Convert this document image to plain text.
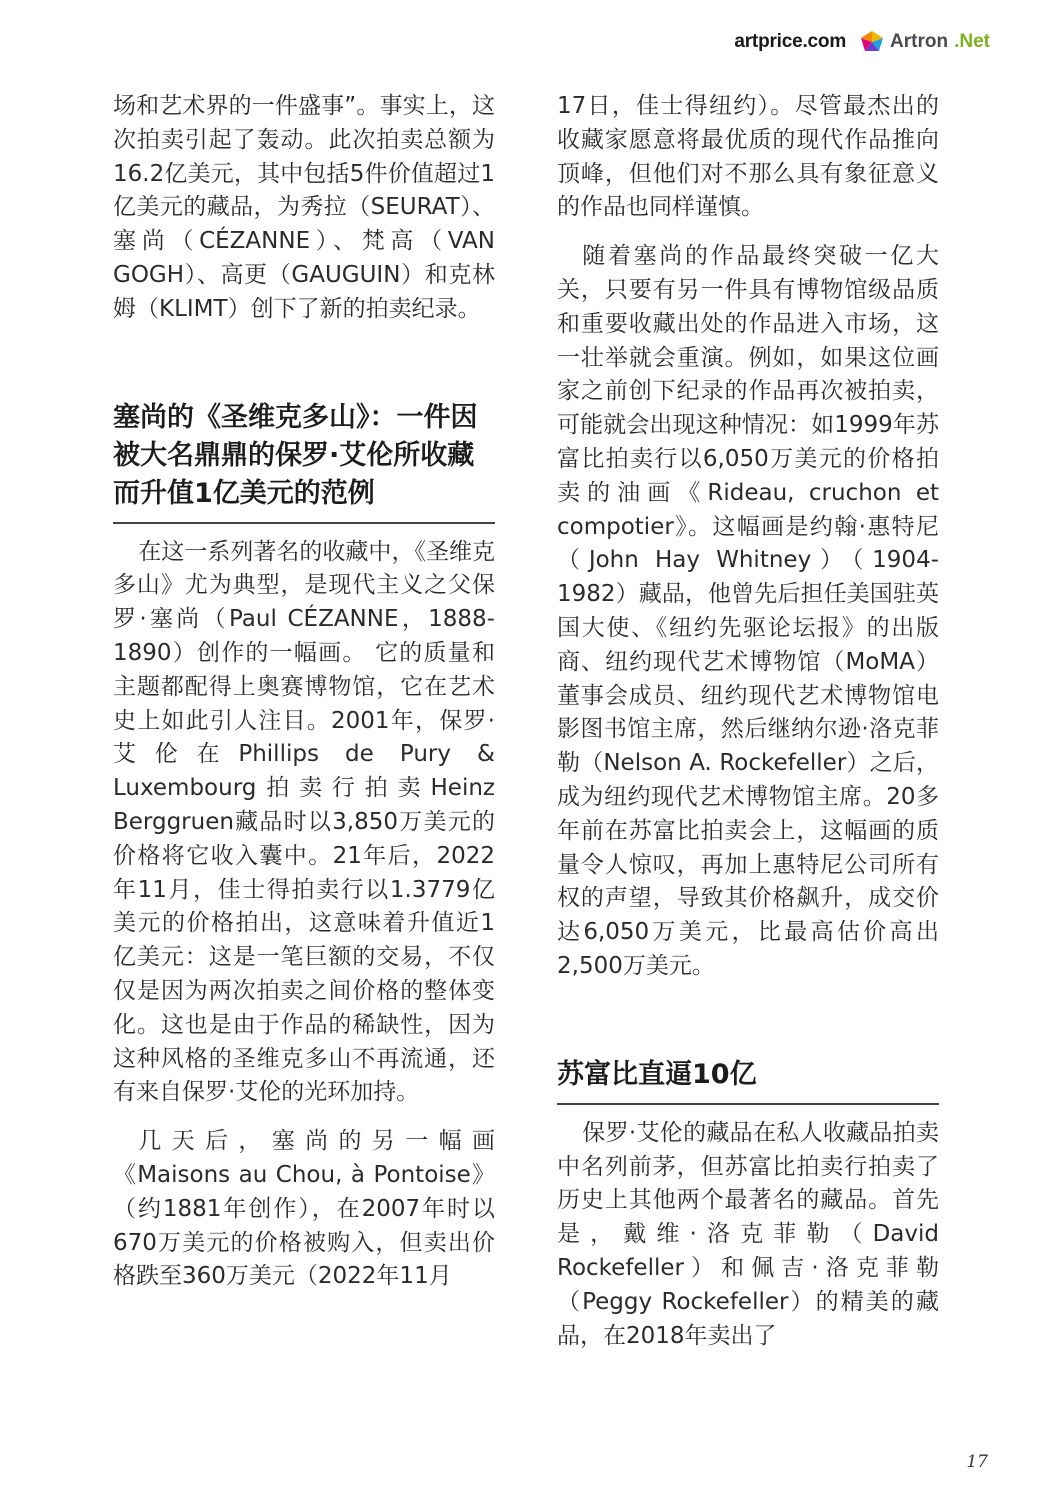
artprice.com Artron .Net

场和艺术界的一件盛事”。事实上，这次拍卖引起了轰动。此次拍卖总额为16.2亿美元，其中包括5件价值超过1亿美元的藏品，为秀拉（SEURAT）、塞尚（CÉZANNE）、梵高（VAN GOGH）、高更（GAUGUIN）和克林姆（KLIMT）创下了新的拍卖纪录。

塞尚的《圣维克多山》：一件因被大名鼎鼎的保罗·艾伦所收藏而升值1亿美元的范例

在这一系列著名的收藏中，《圣维克多山》尤为典型，是现代主义之父保罗·塞尚（Paul CÉZANNE，1888-1890）创作的一幅画。 它的质量和主题都配得上奥赛博物馆，它在艺术史上如此引人注目。2001年，保罗·艾伦在Phillips de Pury & Luxembourg拍卖行拍卖Heinz Berggruen藏品时以3,850万美元的价格将它收入囊中。21年后，2022年11月，佳士得拍卖行以1.3779亿美元的价格拍出，这意味着升值近1亿美元：这是一笔巨额的交易，不仅仅是因为两次拍卖之间价格的整体变化。这也是由于作品的稀缺性，因为这种风格的圣维克多山不再流通，还有来自保罗·艾伦的光环加持。

几天后，塞尚的另一幅画《Maisons au Chou, à Pontoise》（约1881年创作），在2007年时以670万美元的价格被购入，但卖出价格跌至360万美元（2022年11月

17日，佳士得纽约）。尽管最杰出的收藏家愿意将最优质的现代作品推向顶峰，但他们对不那么具有象征意义的作品也同样谨慎。

随着塞尚的作品最终突破一亿大关，只要有另一件具有博物馆级品质和重要收藏出处的作品进入市场，这一壮举就会重演。例如，如果这位画家之前创下纪录的作品再次被拍卖，可能就会出现这种情况：如1999年苏富比拍卖行以6,050万美元的价格拍卖的油画《Rideau, cruchon et compotier》。这幅画是约翰·惠特尼（John Hay Whitney）（1904-1982）藏品，他曾先后担任美国驻英国大使、《纽约先驱论坛报》的出版商、纽约现代艺术博物馆（MoMA）董事会成员、纽约现代艺术博物馆电影图书馆主席，然后继纳尔逊·洛克菲勒（Nelson A. Rockefeller）之后，成为纽约现代艺术博物馆主席。20多年前在苏富比拍卖会上，这幅画的质量令人惊叹，再加上惠特尼公司所有权的声望，导致其价格飙升，成交价达6,050万美元，比最高估价高出2,500万美元。

苏富比直逼10亿

保罗·艾伦的藏品在私人收藏品拍卖中名列前茅，但苏富比拍卖行拍卖了历史上其他两个最著名的藏品。首先是，戴维·洛克菲勒（David Rockefeller）和佩吉·洛克菲勒（Peggy Rockefeller）的精美的藏品，在2018年卖出了

17
